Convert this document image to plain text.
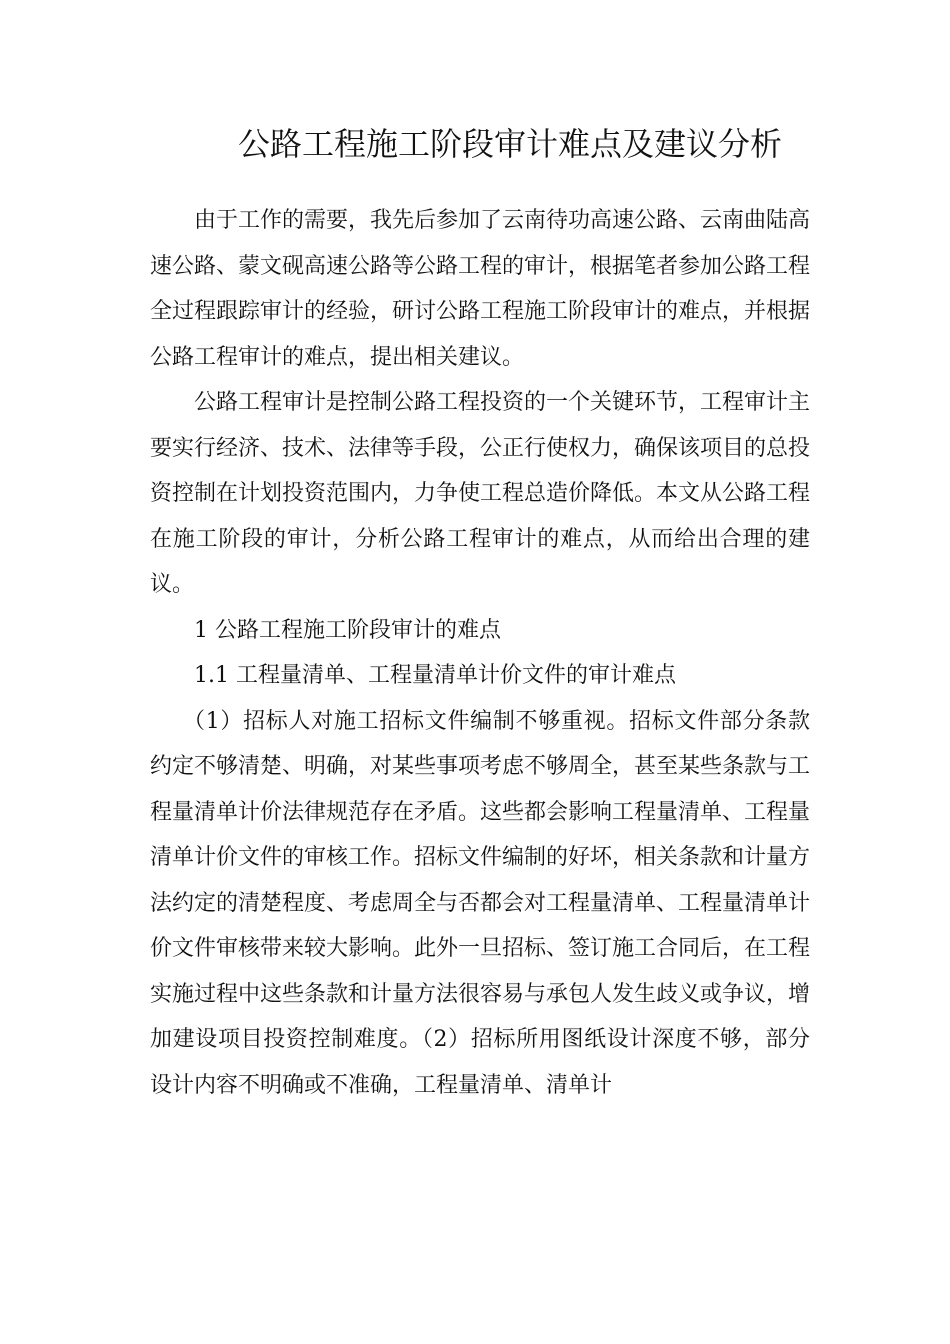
公路工程施工阶段审计难点及建议分析

由于工作的需要，我先后参加了云南待功高速公路、云南曲陆高速公路、蒙文砚高速公路等公路工程的审计，根据笔者参加公路工程全过程跟踪审计的经验，研讨公路工程施工阶段审计的难点，并根据公路工程审计的难点，提出相关建议。

公路工程审计是控制公路工程投资的一个关键环节，工程审计主要实行经济、技术、法律等手段，公正行使权力，确保该项目的总投资控制在计划投资范围内，力争使工程总造价降低。本文从公路工程在施工阶段的审计，分析公路工程审计的难点，从而给出合理的建议。

1 公路工程施工阶段审计的难点

1.1 工程量清单、工程量清单计价文件的审计难点

（1）招标人对施工招标文件编制不够重视。招标文件部分条款约定不够清楚、明确，对某些事项考虑不够周全，甚至某些条款与工程量清单计价法律规范存在矛盾。这些都会影响工程量清单、工程量清单计价文件的审核工作。招标文件编制的好坏，相关条款和计量方法约定的清楚程度、考虑周全与否都会对工程量清单、工程量清单计价文件审核带来较大影响。此外一旦招标、签订施工合同后，在工程实施过程中这些条款和计量方法很容易与承包人发生歧义或争议，增加建设项目投资控制难度。（2）招标所用图纸设计深度不够，部分设计内容不明确或不准确，工程量清单、清单计
